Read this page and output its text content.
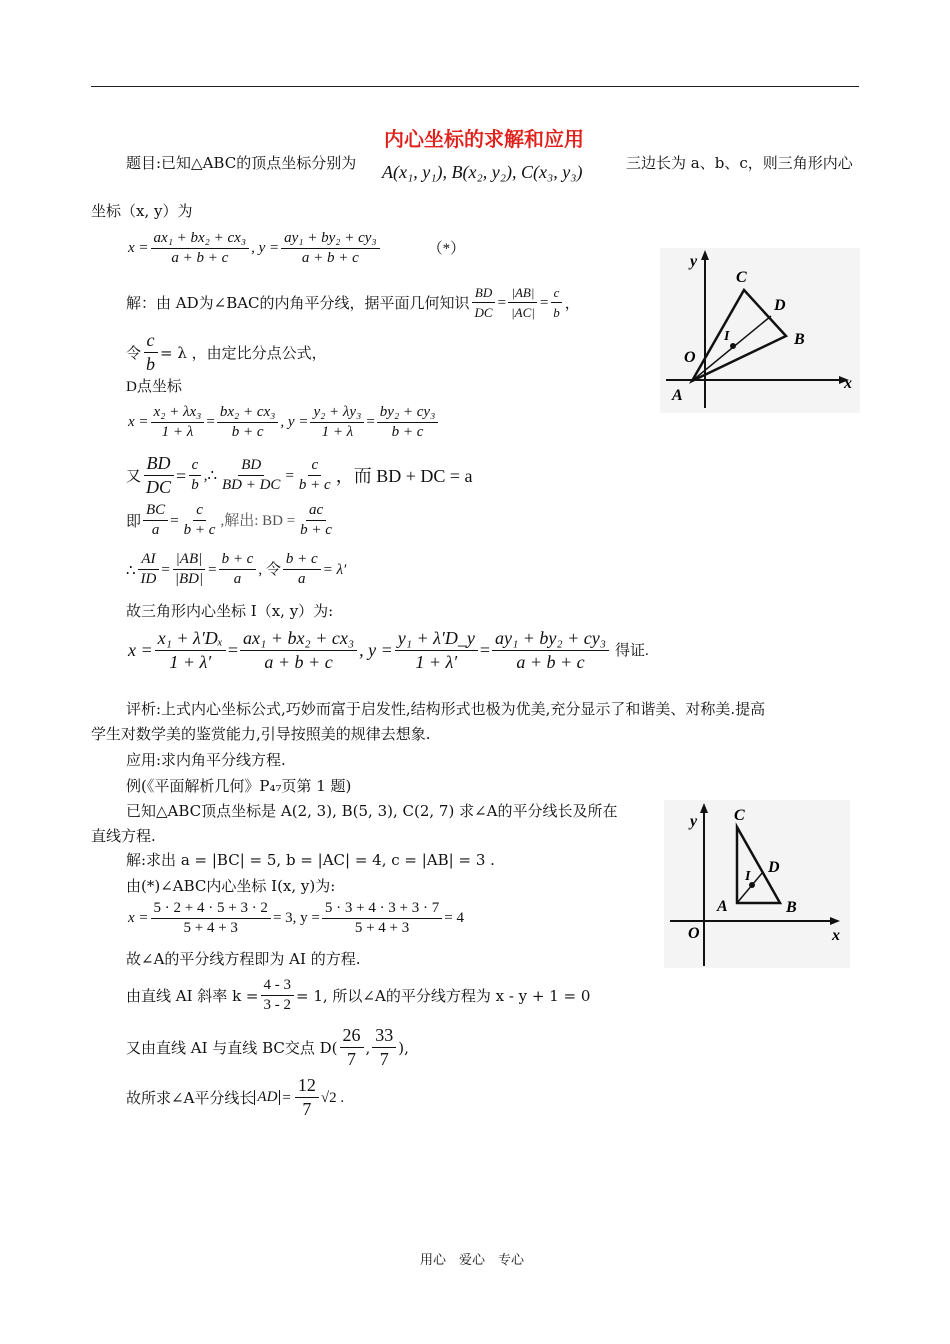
内心坐标的求解和应用
题目:已知△ABC的顶点坐标分别为 A(x₁, y₁), B(x₂, y₂), C(x₃, y₃)	三边长为 a、b、c，则三角形内心
坐标（x, y）为
$x = \frac{\text{ax₁ + bx₂ + cx₃}}{a + b + c}$ , $y = \frac{\text{ay₁ + by₂ + cy₃}}{a + b + c}$	（*）
解：由 AD为∠BAC的内角平分线，据平面几何知识 $\frac{BD}{DC} = \frac{|AB|}{|AC|} = \frac{c}{b}$ ，
令 $\frac{c}{b} = \lambda$ ，由定比分点公式，
D点坐标
$x = \frac{\text{x₂ + λx₃}}{1 + \lambda} = \frac{\text{bx₂ + cx₃}}{b + c}$ , $y = \frac{\text{y₂ + λy₃}}{1 + \lambda} = \frac{\text{by₂ + cy₃}}{b + c}$
又 $\frac{BD}{DC} = \frac{c}{b}$ ,∴ $\frac{BD}{BD + DC} = \frac{c}{b + c}$ ，而 BD + DC = a
即 $\frac{BC}{a} = \frac{c}{b + c}$ ,解出: BD = $\frac{ac}{b + c}$
∴ $\frac{AI}{ID} = \frac{|AB|}{|BD|} = \frac{b + c}{a}$ , 令 $\frac{b + c}{a} = \lambda'$
故三角形内心坐标 I（x, y）为:
$x = \frac{\text{x₁ + λ′Dₓ}}{1 + \lambda'} = \frac{\text{ax₁ + bx₂ + cx₃}}{a + b + c}$ , $y = \frac{\text{y₁ + λ′D\_y}}{1 + \lambda'} = \frac{\text{ay₁ + by₂ + cy₃}}{a + b + c}$ 得证.
评析:上式内心坐标公式,巧妙而富于启发性,结构形式也极为优美,充分显示了和谐美、对称美.提高
学生对数学美的鉴赏能力,引导按照美的规律去想象.
应用:求内角平分线方程.
例(《平面解析几何》P₄₇页第 1 题)
已知△ABC顶点坐标是 A(2, 3), B(5, 3), C(2, 7) 求∠A的平分线长及所在
直线方程.
解:求出 a = |BC| = 5, b = |AC| = 4, c = |AB| = 3 .
由(*)∠ABC内心坐标 I(x, y)为:
$x = \frac{5 \cdot 2 + 4 \cdot 5 + 3 \cdot 2}{5 + 4 + 3} = 3$, $y = \frac{5 \cdot 3 + 4 \cdot 3 + 3 \cdot 7}{5 + 4 + 3} = 4$
故∠A的平分线方程即为 AI 的方程.
由直线 AI 斜率 $k = \frac{4 - 3}{3 - 2} = 1$, 所以∠A的平分线方程为 x - y + 1 = 0
又由直线 AI 与直线 BC交点 $D( \frac{26}{7}$ , $\frac{33}{7}$ ),
故所求∠A平分线长 AD = $\frac{12}{7} √2$ .
y
C
D
I
O
B
A
x
y C
D
I
A	B
O	x
用心　爱心　专心
